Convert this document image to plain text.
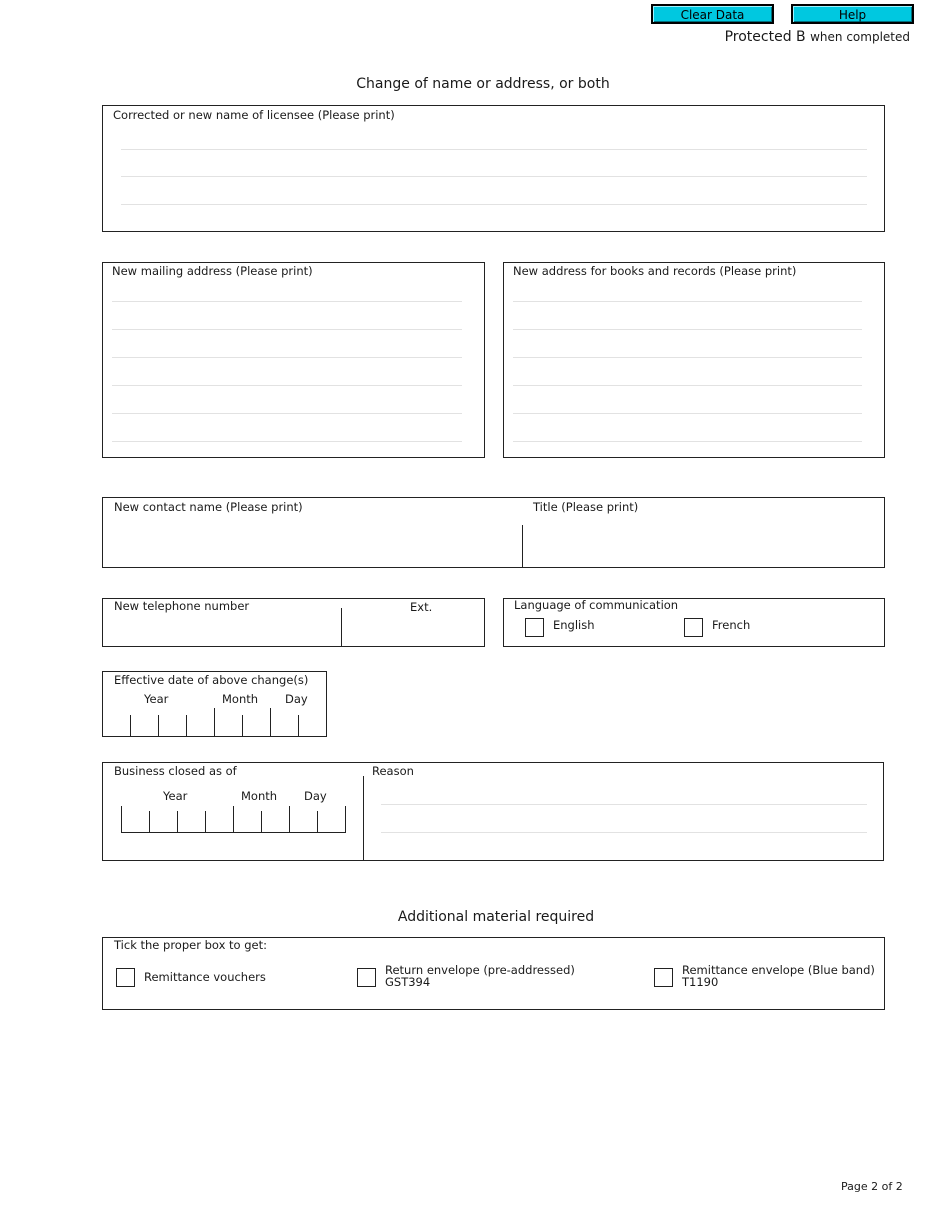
Clear Data	Help
Protected B when completed
Change of name or address, or both
Corrected or new name of licensee (Please print)
New mailing address (Please print)	New address for books and records (Please print)
New contact name (Please print)	Title (Please print)
New telephone number	Ext.	Language of communication
English	French
Effective date of above change(s)
Year	Month Day
Business closed as of
Year	Month Day
Reason
Additional material required
Tick the proper box to get:
Remittance vouchers	Return envelope (pre-addressed)
GST394
Remittance envelope (Blue band)
T1190
Page 2 of 2
